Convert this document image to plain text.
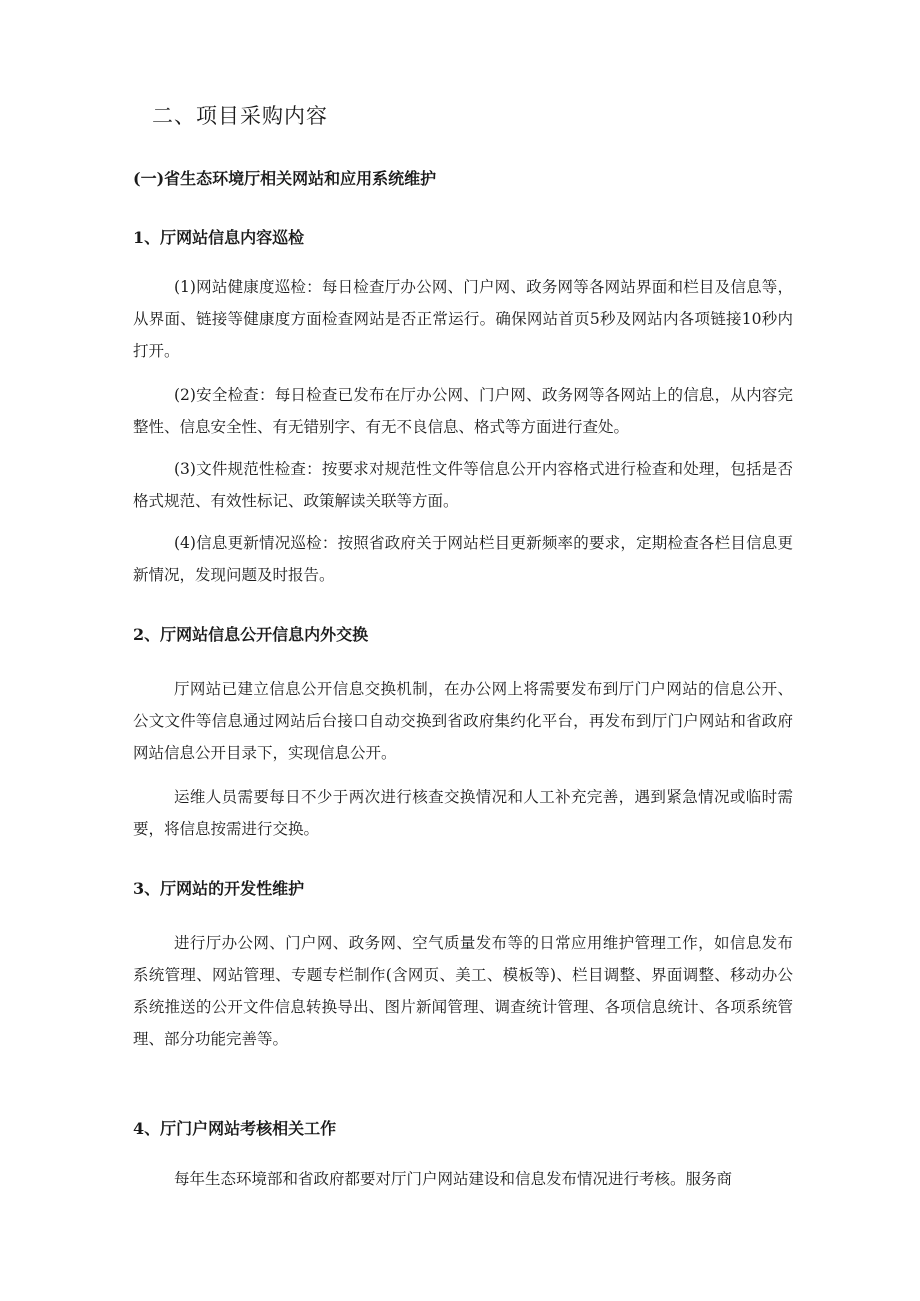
二、项目采购内容
(一)省生态环境厅相关网站和应用系统维护
1、厅网站信息内容巡检

(1)网站健康度巡检：每日检查厅办公网、门户网、政务网等各网站界面和栏目及信息等，从界面、链接等健康度方面检查网站是否正常运行。确保网站首页5秒及网站内各项链接10秒内打开。

(2)安全检查：每日检查已发布在厅办公网、门户网、政务网等各网站上的信息，从内容完整性、信息安全性、有无错别字、有无不良信息、格式等方面进行查处。

(3)文件规范性检查：按要求对规范性文件等信息公开内容格式进行检查和处理，包括是否格式规范、有效性标记、政策解读关联等方面。

(4)信息更新情况巡检：按照省政府关于网站栏目更新频率的要求，定期检查各栏目信息更新情况，发现问题及时报告。

2、厅网站信息公开信息内外交换

厅网站已建立信息公开信息交换机制，在办公网上将需要发布到厅门户网站的信息公开、公文文件等信息通过网站后台接口自动交换到省政府集约化平台，再发布到厅门户网站和省政府网站信息公开目录下，实现信息公开。

运维人员需要每日不少于两次进行核查交换情况和人工补充完善，遇到紧急情况或临时需要，将信息按需进行交换。

3、厅网站的开发性维护

进行厅办公网、门户网、政务网、空气质量发布等的日常应用维护管理工作，如信息发布系统管理、网站管理、专题专栏制作(含网页、美工、模板等)、栏目调整、界面调整、移动办公系统推送的公开文件信息转换导出、图片新闻管理、调查统计管理、各项信息统计、各项系统管理、部分功能完善等。

4、厅门户网站考核相关工作

每年生态环境部和省政府都要对厅门户网站建设和信息发布情况进行考核。服务商
